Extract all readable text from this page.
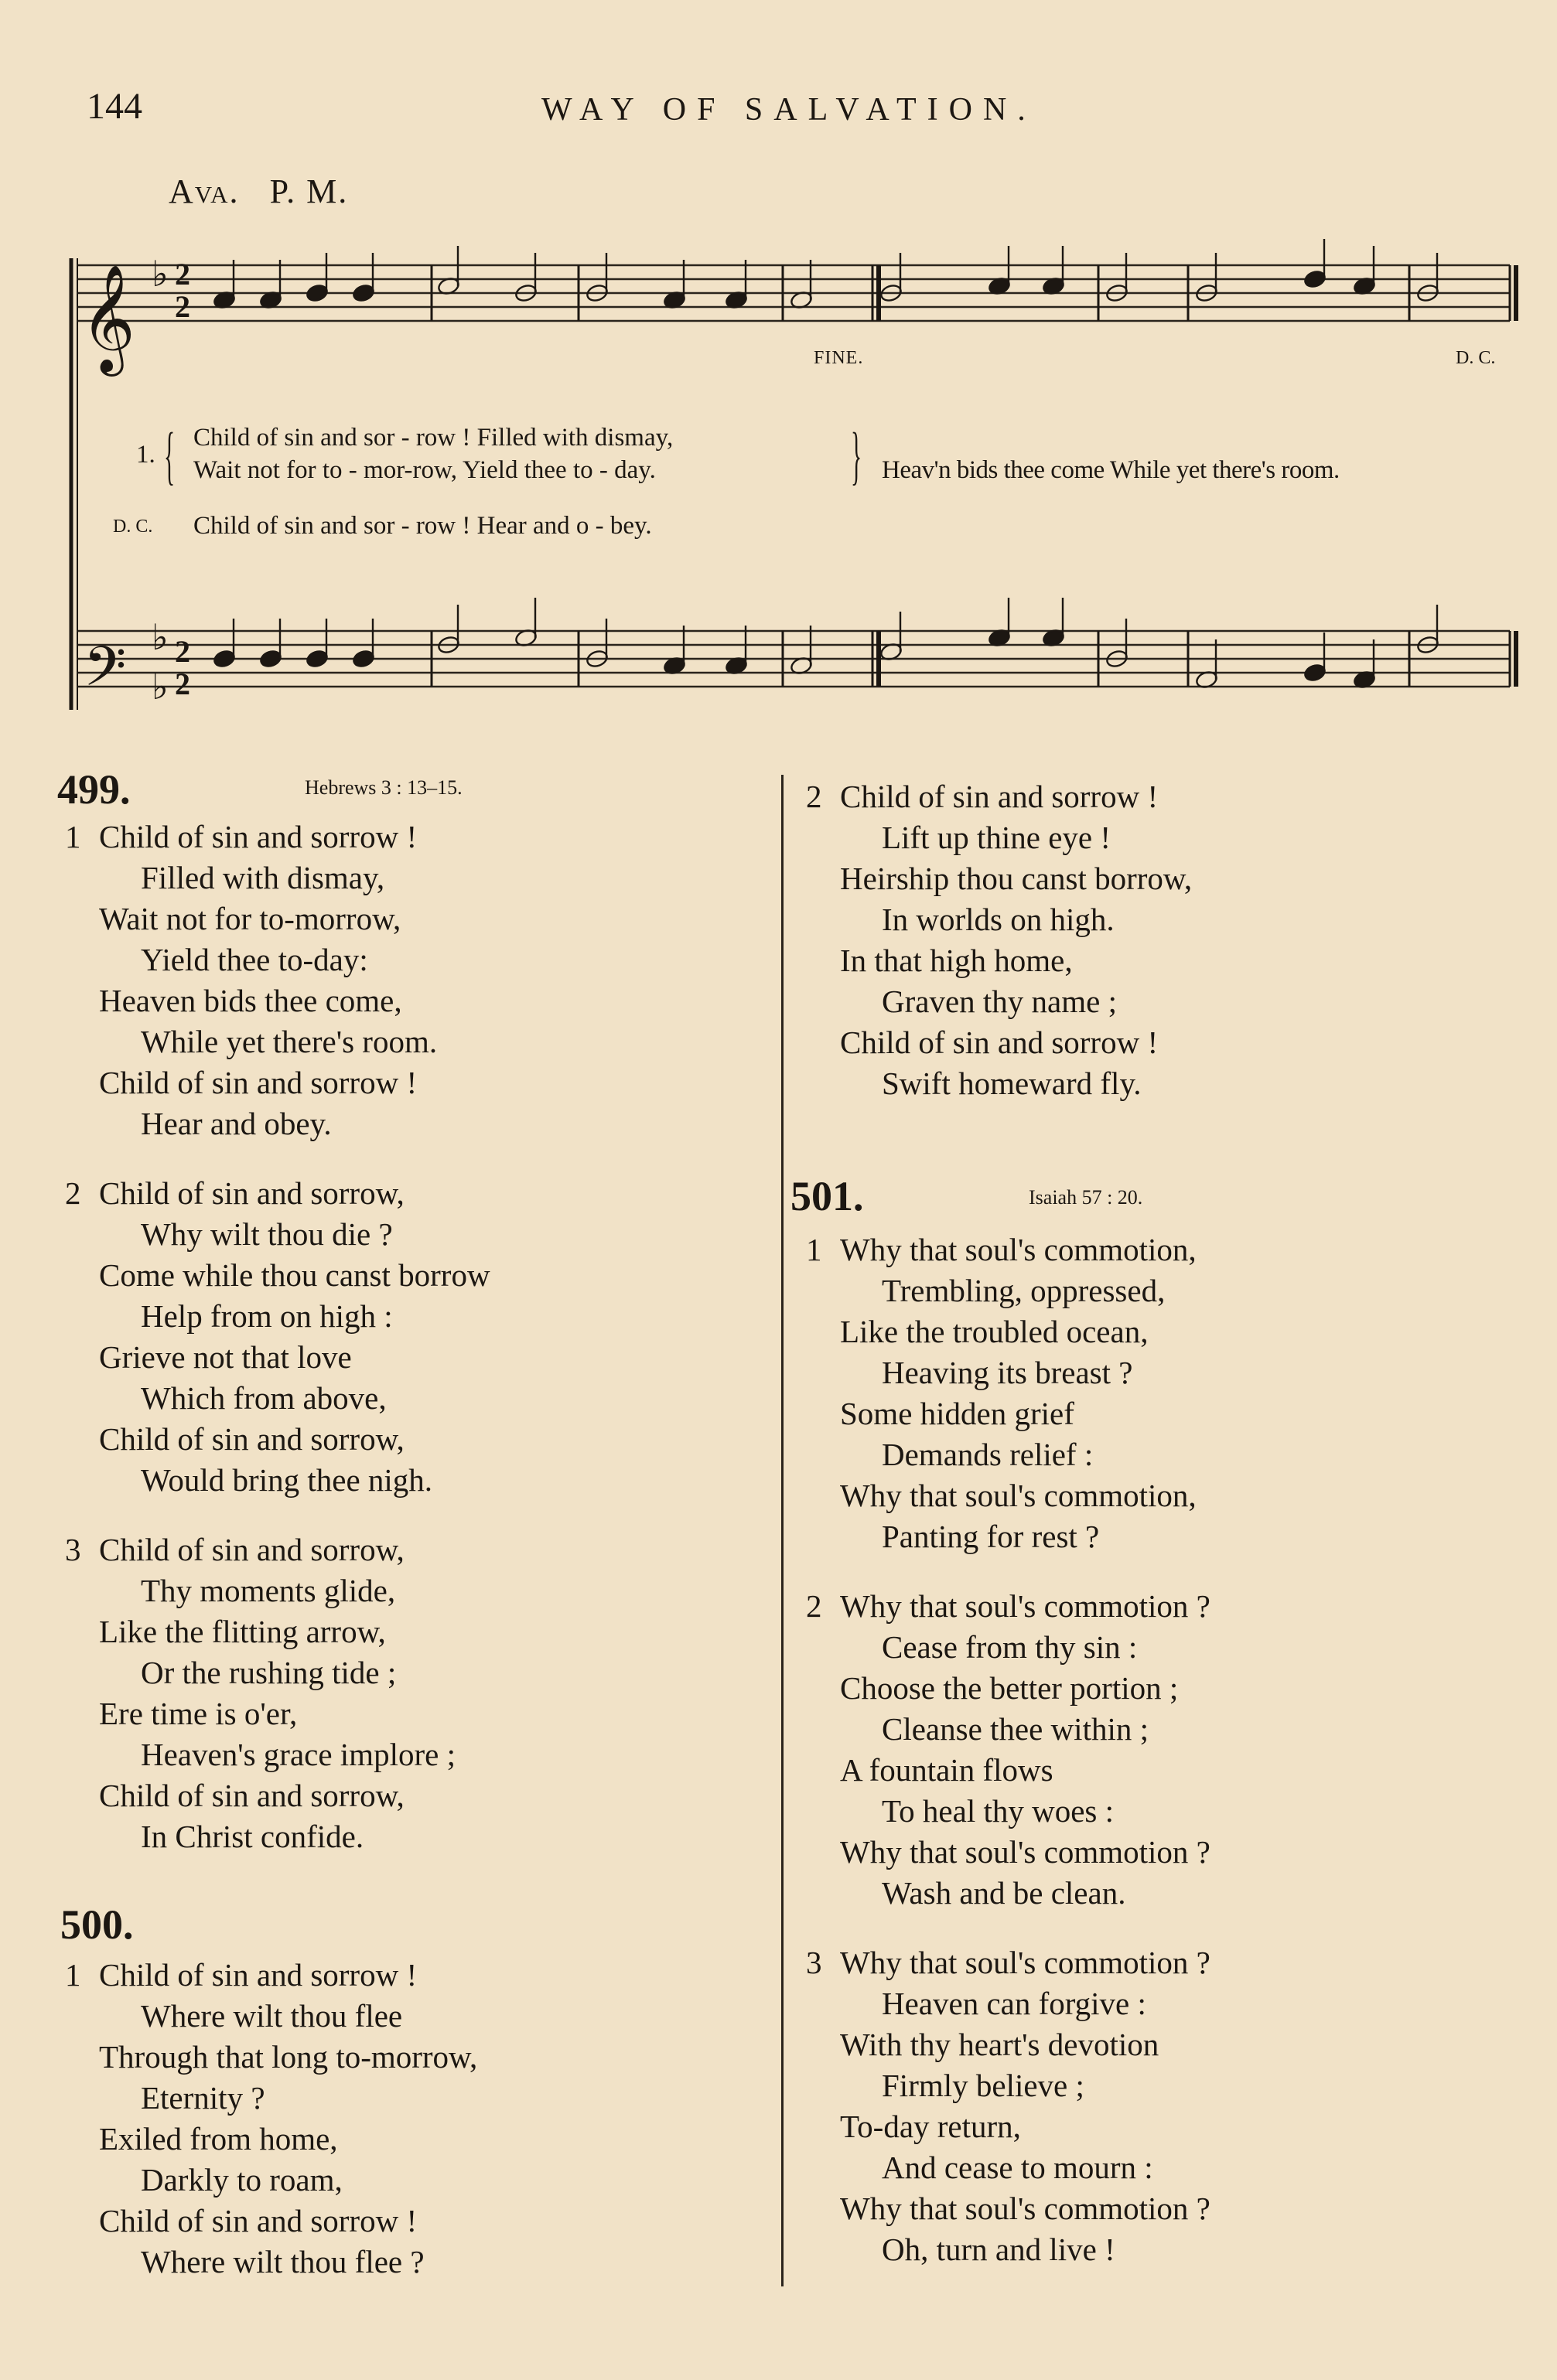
144	WAY OF SALVATION.
Ava. P. M.
𝄞
𝄢
♭
♭
♭
2
2
2
2
FINE.	D. C.
1. { Child of sin and sor - row ! Filled with dismay,
Wait not for to - mor-row, Yield thee to - day.	} Heav'n bids thee come While yet there's room.
D. C. Child of sin and sor - row ! Hear and o - bey.
499.	Hebrews 3 : 13–15.
1 Child of sin and sorrow !
Filled with dismay,
Wait not for to-morrow,
Yield thee to-day:
Heaven bids thee come,
While yet there's room.
Child of sin and sorrow !
Hear and obey.
2 Child of sin and sorrow,
Why wilt thou die ?
Come while thou canst borrow
Help from on high :
Grieve not that love
Which from above,
Child of sin and sorrow,
Would bring thee nigh.
3 Child of sin and sorrow,
Thy moments glide,
Like the flitting arrow,
Or the rushing tide ;
Ere time is o'er,
Heaven's grace implore ;
Child of sin and sorrow,
In Christ confide.
500.
1 Child of sin and sorrow !
Where wilt thou flee
Through that long to-morrow,
Eternity ?
Exiled from home,
Darkly to roam,
Child of sin and sorrow !
Where wilt thou flee ?
2 Child of sin and sorrow !
Lift up thine eye !
Heirship thou canst borrow,
In worlds on high.
In that high home,
Graven thy name ;
Child of sin and sorrow !
Swift homeward fly.
501.	Isaiah 57 : 20.
1 Why that soul's commotion,
Trembling, oppressed,
Like the troubled ocean,
Heaving its breast ?
Some hidden grief
Demands relief :
Why that soul's commotion,
Panting for rest ?
2 Why that soul's commotion ?
Cease from thy sin :
Choose the better portion ;
Cleanse thee within ;
A fountain flows
To heal thy woes :
Why that soul's commotion ?
Wash and be clean.
3 Why that soul's commotion ?
Heaven can forgive :
With thy heart's devotion
Firmly believe ;
To-day return,
And cease to mourn :
Why that soul's commotion ?
Oh, turn and live !
